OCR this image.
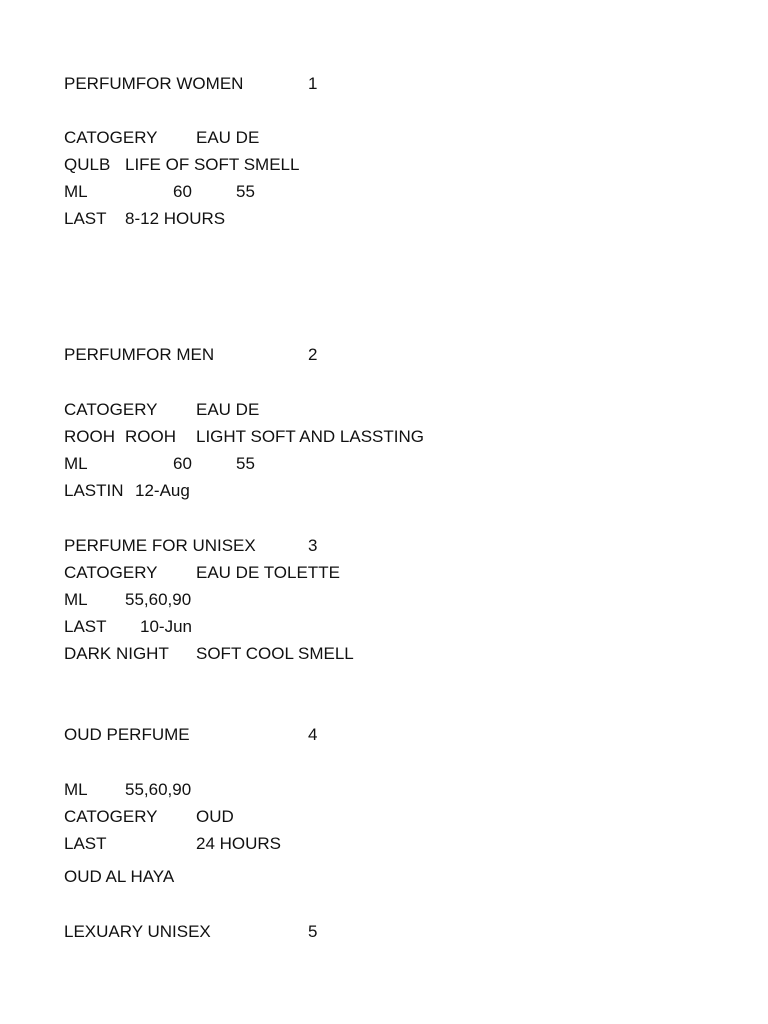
PERFUMFOR WOMEN	1
CATOGERY EAU DE
QULB LIFE OF SOFT SMELL
ML	60	55
LAST 8-12 HOURS
PERFUMFOR MEN	2
CATOGERY EAU DE
ROOH ROOH LIGHT SOFT AND LASSTING
ML	60	55
LASTIN 12-Aug
PERFUME FOR UNISEX	3
CATOGERY EAU DE TOLETTE
ML 55,60,90
LAST 10-Jun
DARK NIGHT SOFT COOL SMELL
OUD PERFUME	4
ML 55,60,90
CATOGERY OUD
LAST	24 HOURS
OUD AL HAYA
LEXUARY UNISEX	5
